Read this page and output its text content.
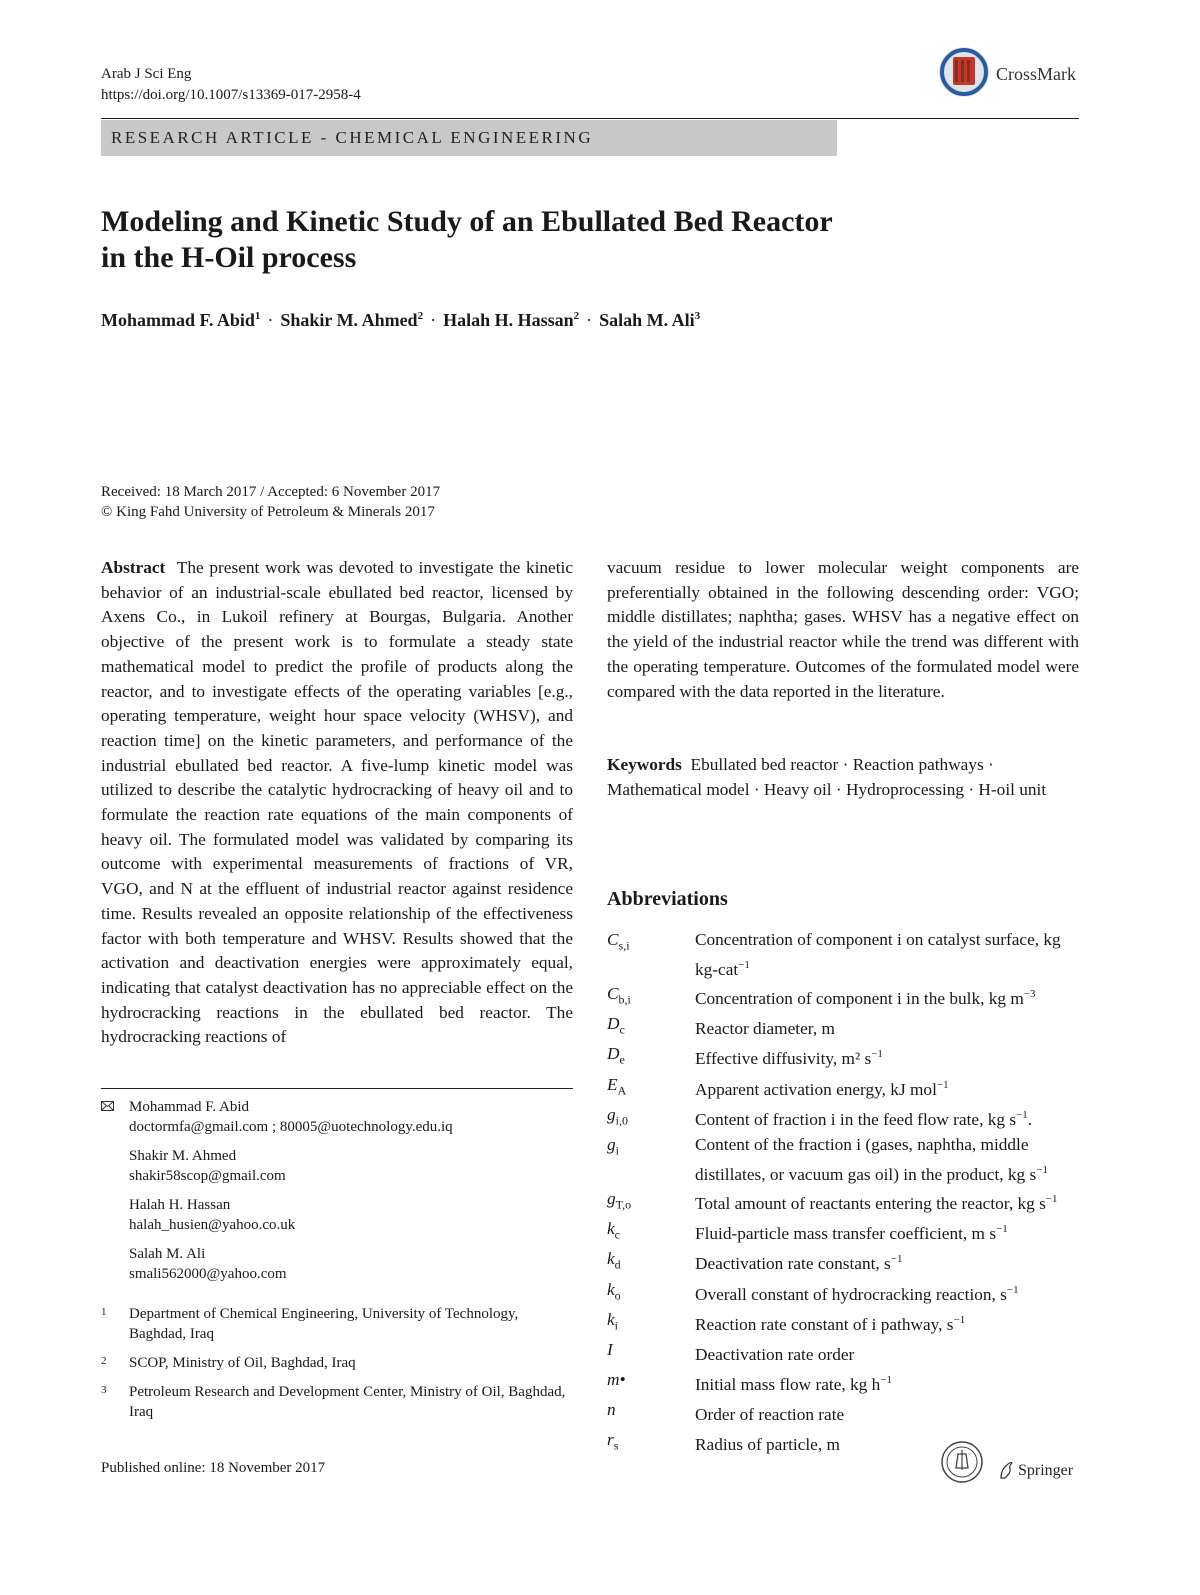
Arab J Sci Eng
https://doi.org/10.1007/s13369-017-2958-4
CrossMark
RESEARCH ARTICLE - CHEMICAL ENGINEERING
Modeling and Kinetic Study of an Ebullated Bed Reactor
in the H-Oil process
Mohammad F. Abid$^1$ · Shakir M. Ahmed$^2$ · Halah H. Hassan$^2$ · Salah M. Ali$^3$
Received: 18 March 2017 / Accepted: 6 November 2017
© King Fahd University of Petroleum & Minerals 2017

Abstract The present work was devoted to investigate the kinetic behavior of an industrial-scale ebullated bed reactor, licensed by Axens Co., in Lukoil refinery at Bourgas, Bulgaria. Another objective of the present work is to formulate a steady state mathematical model to predict the profile of products along the reactor, and to investigate effects of the operating variables [e.g., operating temperature, weight hour space velocity (WHSV), and reaction time] on the kinetic parameters, and performance of the industrial ebullated bed reactor. A five-lump kinetic model was utilized to describe the catalytic hydrocracking of heavy oil and to formulate the reaction rate equations of the main components of heavy oil. The formulated model was validated by comparing its outcome with experimental measurements of fractions of VR, VGO, and N at the effluent of industrial reactor against residence time. Results revealed an opposite relationship of the effectiveness factor with both temperature and WHSV. Results showed that the activation and deactivation energies were approximately equal, indicating that catalyst deactivation has no appreciable effect on the hydrocracking reactions in the ebullated bed reactor. The hydrocracking reactions of

vacuum residue to lower molecular weight components are preferentially obtained in the following descending order: VGO; middle distillates; naphtha; gases. WHSV has a negative effect on the yield of the industrial reactor while the trend was different with the operating temperature. Outcomes of the formulated model were compared with the data reported in the literature.

Keywords Ebullated bed reactor · Reaction pathways · Mathematical model · Heavy oil · Hydroprocessing · H-oil unit
Abbreviations
$C_{s,i}$	Concentration of component i on catalyst surface, kg kg-cat$^{-1}$
$C_{b,i}$	Concentration of component i in the bulk, kg $m^{-3}$
$D_c$	Reactor diameter, m
$D_e$	Effective diffusivity, m² $s^{-1}$
$E_A$	Apparent activation energy, kJ mol$^{-1}$
$g_{i,0}$	Content of fraction i in the feed flow rate, kg $s^{-1}$.
$g_i$	Content of the fraction i (gases, naphtha, middle distillates, or vacuum gas oil) in the product, kg $s^{-1}$
$g_{T,o}$	Total amount of reactants entering the reactor, kg $s^{-1}$
$k_c$	Fluid-particle mass transfer coefficient, m $s^{-1}$
$k_d$	Deactivation rate constant, $s^{-1}$
$k_o$	Overall constant of hydrocracking reaction, $s^{-1}$
$k_i$	Reaction rate constant of i pathway, $s^{-1}$
I	Deactivation rate order
m•	Initial mass flow rate, kg $h^{-1}$
n	Order of reaction rate
$r_s$	Radius of particle, m
Mohammad F. Abid
doctormfa@gmail.com ; 80005@uotechnology.edu.iq
Shakir M. Ahmed
shakir58scop@gmail.com
Halah H. Hassan
halah_husien@yahoo.co.uk
Salah M. Ali
smali562000@yahoo.com
1 Department of Chemical Engineering, University of Technology, Baghdad, Iraq
2 SCOP, Ministry of Oil, Baghdad, Iraq
3 Petroleum Research and Development Center, Ministry of Oil, Baghdad, Iraq
Published online: 18 November 2017	Springer
